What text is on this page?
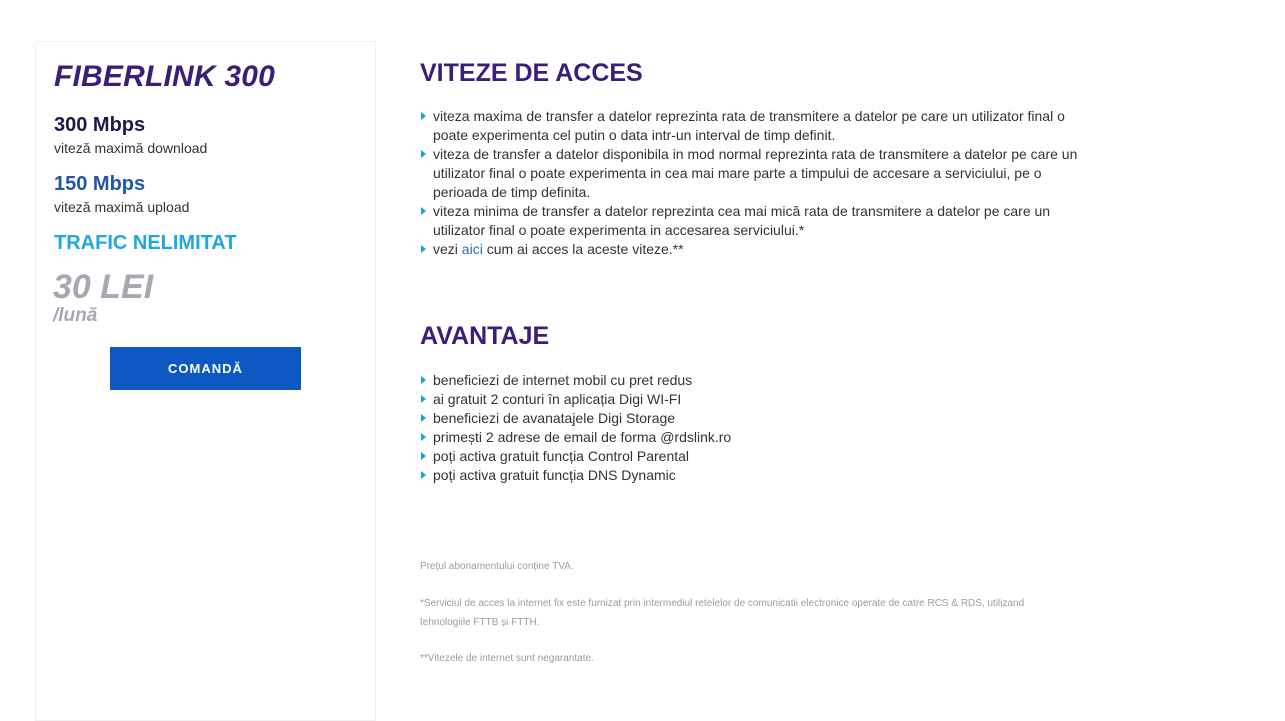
FIBERLINK 300
300 Mbps
viteză maximă download
150 Mbps
viteză maximă upload
TRAFIC NELIMITAT
30 LEI
/lună
COMANDĂ
VITEZE DE ACCES
viteza maxima de transfer a datelor reprezinta rata de transmitere a datelor pe care un utilizator final o poate experimenta cel putin o data intr-un interval de timp definit.
viteza de transfer a datelor disponibila in mod normal reprezinta rata de transmitere a datelor pe care un utilizator final o poate experimenta in cea mai mare parte a timpului de accesare a serviciului, pe o perioada de timp definita.
viteza minima de transfer a datelor reprezinta cea mai mică rata de transmitere a datelor pe care un utilizator final o poate experimenta in accesarea serviciului.*
vezi aici cum ai acces la aceste viteze.**
AVANTAJE
beneficiezi de internet mobil cu pret redus
ai gratuit 2 conturi în aplicația Digi WI-FI
beneficiezi de avanatajele Digi Storage
primești 2 adrese de email de forma @rdslink.ro
poți activa gratuit funcția Control Parental
poți activa gratuit funcția DNS Dynamic

Prețul abonamentului conține TVA.

*Serviciul de acces la internet fix este furnizat prin intermediul retelelor de comunicatii electronice operate de catre RCS & RDS, utilizand tehnologiile FTTB și FTTH.

**Vitezele de internet sunt negarantate.
